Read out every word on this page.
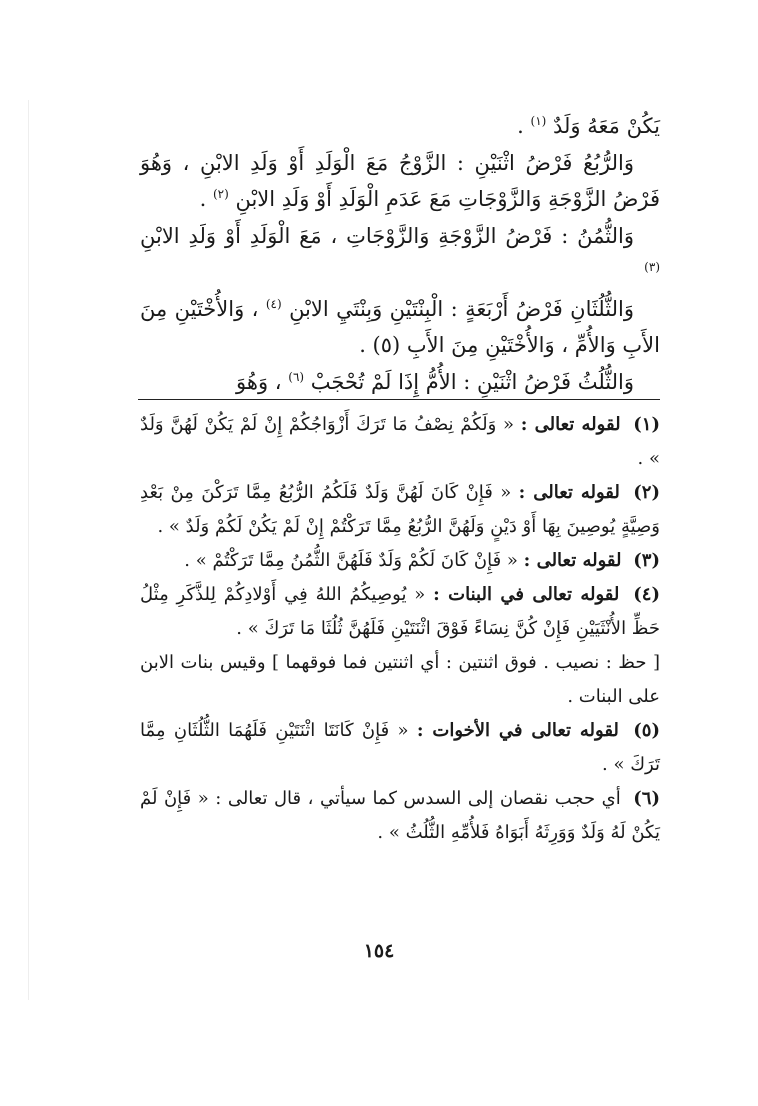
يَكُنْ مَعَهُ وَلَدٌ $^{(١)}$ .

وَالرُّبُعُ فَرْضُ اثْنَيْنِ : الزَّوْجُ مَعَ الْوَلَدِ أَوْ وَلَدِ الابْنِ ، وَهُوَ فَرْضُ الزَّوْجَةِ وَالزَّوْجَاتِ مَعَ عَدَمِ الْوَلَدِ أَوْ وَلَدِ الابْنِ $^{(٢)}$ .

وَالثُّمُنُ : فَرْضُ الزَّوْجَةِ وَالزَّوْجَاتِ ، مَعَ الْوَلَدِ أَوْ وَلَدِ الابْنِ $^{(٣)}$

وَالثُّلُثَانِ فَرْضُ أَرْبَعَةٍ : الْبِنْتَيْنِ وَبِنْتَيِ الابْنِ $^{(٤)}$ ، وَالأُخْتَيْنِ مِنَ الأَبِ وَالأُمِّ ، وَالأُخْتَيْنِ مِنَ الأَبِ (٥) .

وَالثُّلُثُ فَرْضُ اثْنَيْنِ : الأُمُّ إِذَا لَمْ تُحْجَبْ $^{(٦)}$ ، وَهُوَ

(١) لقوله تعالى : « وَلَكُمْ نِصْفُ مَا تَرَكَ أَزْوَاجُكُمْ إِنْ لَمْ يَكُنْ لَهُنَّ وَلَدٌ » .

(٢) لقوله تعالى : « فَإِنْ كَانَ لَهُنَّ وَلَدٌ فَلَكُمُ الرُّبُعُ مِمَّا تَرَكْنَ مِنْ بَعْدِ وَصِيَّةٍ يُوصِينَ بِهَا أَوْ دَيْنٍ وَلَهُنَّ الرُّبُعُ مِمَّا تَرَكْتُمْ إِنْ لَمْ يَكُنْ لَكُمْ وَلَدٌ » .

(٣) لقوله تعالى : « فَإِنْ كَانَ لَكُمْ وَلَدٌ فَلَهُنَّ الثُّمُنُ مِمَّا تَرَكْتُمْ » .

(٤) لقوله تعالى في البنات : « يُوصِيكُمُ اللهُ فِي أَوْلادِكُمْ لِلذَّكَرِ مِثْلُ حَظِّ الأُنْثَيَيْنِ فَإِنْ كُنَّ نِسَاءً فَوْقَ اثْنَتَيْنِ فَلَهُنَّ ثُلُثَا مَا تَرَكَ » .

[ حظ : نصيب . فوق اثنتين : أي اثنتين فما فوقهما ] وقيس بنات الابن على البنات .

(٥) لقوله تعالى في الأخوات : « فَإِنْ كَانَتَا اثْنَتَيْنِ فَلَهُمَا الثُّلُثَانِ مِمَّا تَرَكَ » .

(٦) أي حجب نقصان إلى السدس كما سيأتي ، قال تعالى : « فَإِنْ لَمْ يَكُنْ لَهُ وَلَدٌ وَوَرِثَهُ أَبَوَاهُ فَلأُمِّهِ الثُّلُثُ » .

١٥٤
